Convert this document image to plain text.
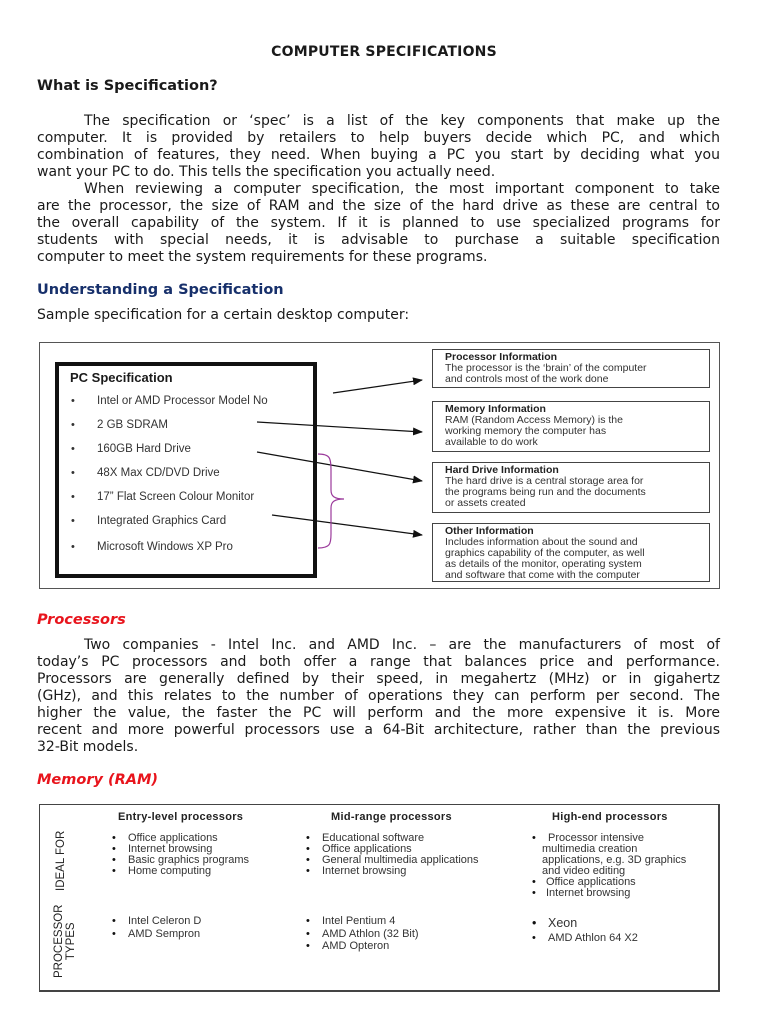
COMPUTER SPECIFICATIONS
What is Specification?
The specification or ‘spec’ is a list of the key components that make up the
computer. It is provided by retailers to help buyers decide which PC, and which
combination of features, they need. When buying a PC you start by deciding what you
want your PC to do. This tells the specification you actually need.
When reviewing a computer specification, the most important component to take
are the processor, the size of RAM and the size of the hard drive as these are central to
the overall capability of the system. If it is planned to use specialized programs for
students with special needs, it is advisable to purchase a suitable specification
computer to meet the system requirements for these programs.
Understanding a Specification
Sample specification for a certain desktop computer:
PC Specification
• Intel or AMD Processor Model No
• 2 GB SDRAM
• 160GB Hard Drive
• 48X Max CD/DVD Drive
• 17” Flat Screen Colour Monitor
• Integrated Graphics Card
• Microsoft Windows XP Pro
Processor Information
The processor is the ‘brain’ of the computer
and controls most of the work done
Memory Information
RAM (Random Access Memory) is the
working memory the computer has
available to do work
Hard Drive Information
The hard drive is a central storage area for
the programs being run and the documents
or assets created
Other Information
Includes information about the sound and
graphics capability of the computer, as well
as details of the monitor, operating system
and software that come with the computer
Processors
Two companies - Intel Inc. and AMD Inc. – are the manufacturers of most of
today’s PC processors and both offer a range that balances price and performance.
Processors are generally defined by their speed, in megahertz (MHz) or in gigahertz
(GHz), and this relates to the number of operations they can perform per second. The
higher the value, the faster the PC will perform and the more expensive it is. More
recent and more powerful processors use a 64-Bit architecture, rather than the previous
32-Bit models.
Memory (RAM)
Entry-level processors	Mid-range processors	High-end processors
IDEAL FOR
PROCESSOR TYPES
• Office applications
• Internet browsing
• Basic graphics programs
• Home computing
• Educational software
• Office applications
• General multimedia applications
• Internet browsing
• Processor intensive
multimedia creation
applications, e.g. 3D graphics
and video editing
• Office applications
• Internet browsing
• Intel Celeron D
• AMD Sempron
• Intel Pentium 4
• AMD Athlon (32 Bit)
• AMD Opteron
• Xeon
• AMD Athlon 64 X2
